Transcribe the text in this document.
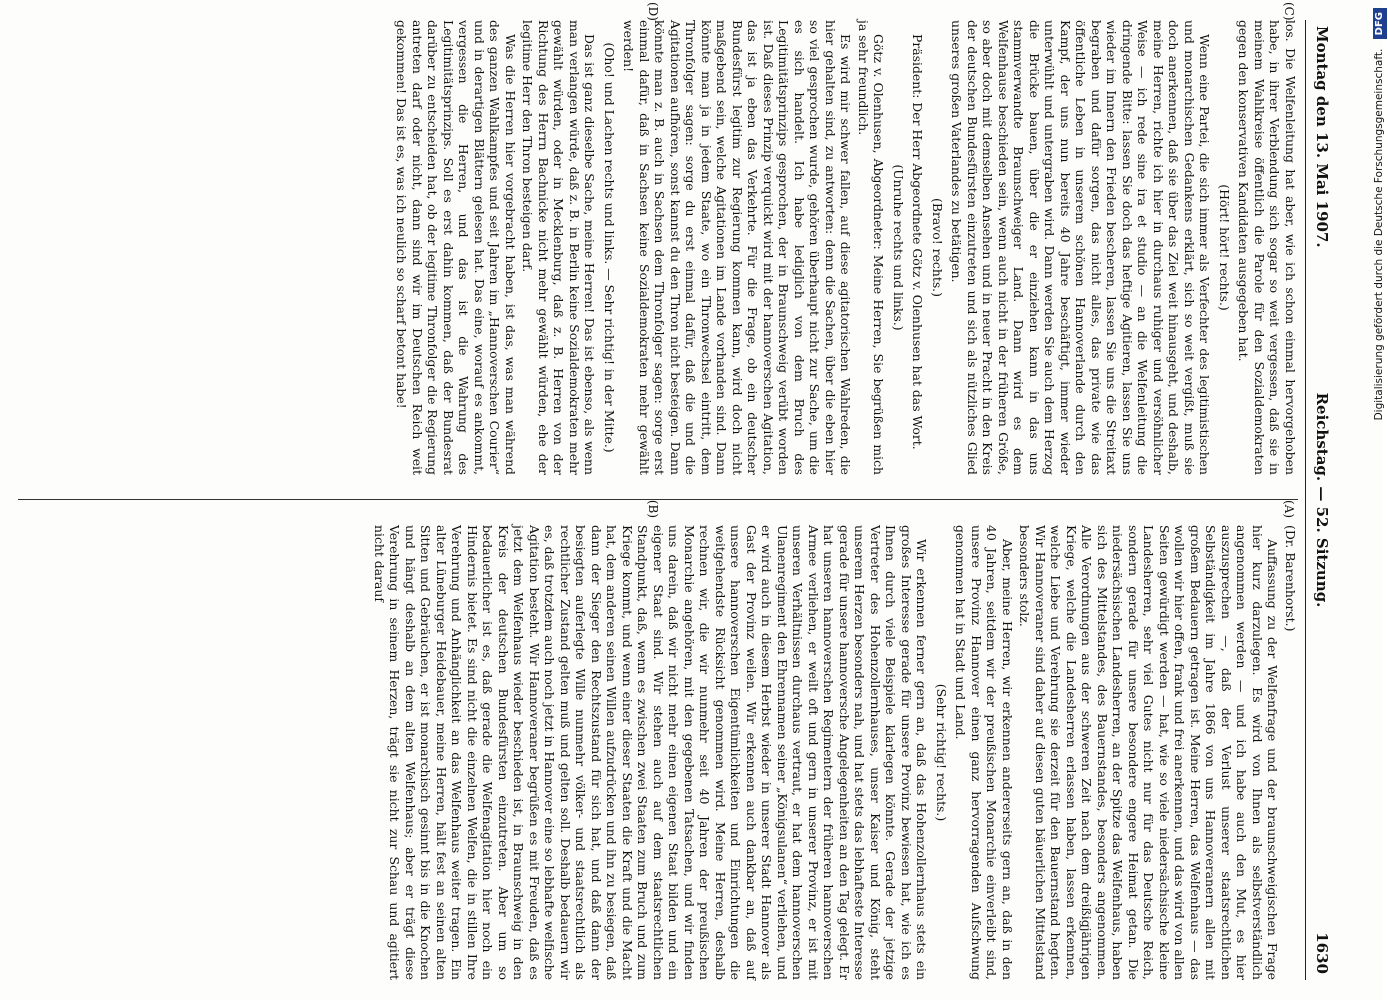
1630
Reichstag. — 52. Sitzung.
Montag den 13. Mai 1907.

(Dr. Barenhorst.)

Auffassung zu der Welfenfrage und der braunschweigischen Frage hier kurz darzulegen. Es wird von Ihnen als selbstverständlich angenommen werden — und ich habe auch den Mut, es hier auszusprechen —, daß der Verlust unserer staatsrechtlichen Selbständigkeit im Jahre 1866 von uns Hannoveranern allen mit großem Bedauern getragen ist. Meine Herren, das Welfenhaus — das wollen wir hier offen, frank und frei anerkennen, und das wird von allen Seiten gewürdigt werden — hat, wie so viele niedersächsische kleine Landesherren, sehr viel Gutes nicht nur für das Deutsche Reich, sondern gerade für unsere besondere engere Heimat getan. Die niedersächsischen Landesherren, an der Spitze das Welfenhaus, haben sich des Mittelstandes, des Bauernstandes, besonders angenommen. Alle Verordnungen aus der schweren Zeit nach dem dreißigjährigen Kriege, welche die Landesherren erlassen haben, lassen erkennen, welche Liebe und Verehrung sie derzeit für den Bauernstand hegten. Wir Hannoveraner sind daher auf diesen guten bäuerlichen Mittelstand besonders stolz.

Aber, meine Herren, wir erkennen andererseits gern an, daß in den 40 Jahren, seitdem wir der preußischen Monarchie einverleibt sind, unsere Provinz Hannover einen ganz hervorragenden Aufschwung genommen hat in Stadt und Land.

(Sehr richtig! rechts.)

Wir erkennen ferner gern an, daß das Hohenzollernhaus stets ein großes Interesse gerade für unsere Provinz bewiesen hat, wie ich es Ihnen durch viele Beispiele klarlegen könnte. Gerade der jetzige Vertreter des Hohenzollernhauses, unser Kaiser und König, steht unserem Herzen besonders nah, und hat stets das lebhafteste Interesse gerade für unsere hannoversche Angelegenheiten an den Tag gelegt. Er hat unseren hannoverschen Regimentern der früheren hannoverschen Armee verliehen, er weilt oft und gern in unserer Provinz, er ist mit unseren Verhältnissen durchaus vertraut, er hat dem hannoverschen Ulanenregiment den Ehrennamen seiner „Königsulanen“ verliehen, und er wird auch in diesem Herbst wieder in unserer Stadt Hannover als Gast der Provinz weilen. Wir erkennen auch dankbar an, daß auf unsere hannoverschen Eigentümlichkeiten und Einrichtungen die weitgehendste Rücksicht genommen wird. Meine Herren, deshalb rechnen wir, die wir nunmehr seit 40 Jahren der preußischen Monarchie angehören, mit den gegebenen Tatsachen, und wir finden uns darein, daß wir nicht mehr einen eigenen Staat bilden und ein eigener Staat sind. Wir stehen auch auf dem staatsrechtlichen Standpunkt, daß, wenn es zwischen zwei Staaten zum Bruch und zum Kriege kommt, und wenn einer dieser Staaten die Kraft und die Macht hat, dem anderen seinen Willen aufzudrücken und ihn zu besiegen, daß dann der Sieger den Rechtszustand für sich hat, und daß dann der besiegten auferlegte Wille nunmehr völker- und staatsrechtlich als rechtlicher Zustand gelten muß und gelten soll. Deshalb bedauern wir es, daß trotzdem auch noch jetzt in Hannover eine so lebhafte welfische Agitation besteht. Wir Hannoveraner begrüßen es mit Freuden, daß es jetzt dem Welfenhaus wieder beschieden ist, in Braunschweig in den Kreis der deutschen Bundesfürsten einzutreten. Aber um so bedauerlicher ist es, daß gerade die Welfenagitation hier noch ein Hindernis bietet. Es sind nicht die einzelnen Welfen, die in stillen Ihre Verehrung und Anhänglichkeit an das Welfenhaus weiter tragen. Ein alter Lüneburger Heidebauer, meine Herren, hält fest an seinen alten Sitten und Gebräuchen, er ist monarchisch gesinnt bis in die Knochen und hängt deshalb an dem alten Welfenhaus; aber er trägt diese Verehrung in seinem Herzen, trägt sie nicht zur Schau und agitiert nicht darauf

los. Die Welfenleitung hat aber, wie ich schon einmal hervorgehoben habe, in ihrer Verblendung sich sogar so weit vergessen, daß sie in meinem Wahlkreise öffentlich die Parole für den Sozialdemokraten gegen den konservativen Kandidaten ausgegeben hat.

(Hört! hört! rechts.)

Wenn eine Partei, die sich immer als Verfechter des legitimistischen und monarchischen Gedankens erklärt, sich so weit vergißt, muß sie doch anerkennen, daß sie über das Ziel weit hinausgeht, und deshalb, meine Herren, richte ich hier in durchaus ruhiger und versöhnlicher Weise — ich rede sine ira et studio — an die Welfenleitung die dringende Bitte: lassen Sie doch das heftige Agitieren, lassen Sie uns wieder im Innern den Frieden bescheren, lassen Sie uns die Streitaxt begraben und dafür sorgen, das nicht alles, das private wie das öffentliche Leben in unserem schönen Hannoverlande durch den Kampf, der uns nun bereits 40 Jahre beschäftigt, immer wieder unterwühlt und untergraben wird. Dann werden Sie auch dem Herzog die Brücke bauen, über die er einziehen kann in das uns stammverwandte Braunschweiger Land. Dann wird es dem Welfenhause beschieden sein, wenn auch nicht in der früheren Größe, so aber doch mit demselben Ansehen und in neuer Pracht in den Kreis der deutschen Bundesfürsten einzutreten und sich als nützliches Glied unseres großen Vaterlandes zu betätigen.

(Bravo! rechts.)

Präsident: Der Herr Abgeordnete Götz v. Olenhusen hat das Wort.

(Unruhe rechts und links.)

Götz v. Olenhusen, Abgeordneter: Meine Herren, Sie begrüßen mich ja sehr freundlich.

Es wird mir schwer fallen, auf diese agitatorischen Wahlreden, die hier gehalten sind, zu antworten: denn die Sachen, über die eben hier so viel gesprochen wurde, gehören überhaupt nicht zur Sache, um die es sich handelt. Ich habe lediglich von dem Bruch des Legitimitätsprinzips gesprochen, der in Braunschweig verübt worden ist. Daß dieses Prinzip verquickt wird mit der hannoverschen Agitation, das ist ja eben das Verkehrte. Für die Frage, ob ein deutscher Bundesfürst legitim zur Regierung kommen kann, wird doch nicht maßgebend sein, welche Agitationen im Lande vorhanden sind. Dann könnte man ja in jedem Staate, wo ein Thronwechsel eintritt, dem Thronfolger sagen: sorge du erst einmal dafür, daß die und die Agitationen aufhören, sonst kannst du den Thron nicht besteigen. Dann könnte man z. B. auch in Sachsen dem Thronfolger sagen: sorge erst einmal dafür, daß in Sachsen keine Sozialdemokraten mehr gewählt werden!

(Oho! und Lachen rechts und links. — Sehr richtig! in der Mitte.)

Das ist ganz dieselbe Sache, meine Herren! Das ist ebenso, als wenn man verlangen würde, daß z. B. in Berlin keine Sozialdemokraten mehr gewählt würden, oder in Mecklenburg, daß z. B. Herren von der Richtung des Herrn Bachnicke nicht mehr gewählt würden, ehe der legitime Herr den Thron besteigen darf.

Was die Herren hier vorgebracht haben, ist das, was man während des ganzen Wahlkampfes und seit Jahren im „Hannoverschen Courier“ und in derartigen Blättern gelesen hat. Das eine, worauf es ankommt, vergessen die Herren, und das ist die Wahrung des Legitimitätsprinzips. Soll es erst dahin kommen, daß der Bundesrat darüber zu entscheiden hat, ob der legitime Thronfolger die Regierung antreten darf oder nicht, dann sind wir im Deutschen Reich weit gekommen! Das ist es, was ich neulich so scharf betont habe!

(A)
(B)
(C)
(D)
Digitalisierung gefördert durch die Deutsche Forschungsgemeinschaft. DFG
